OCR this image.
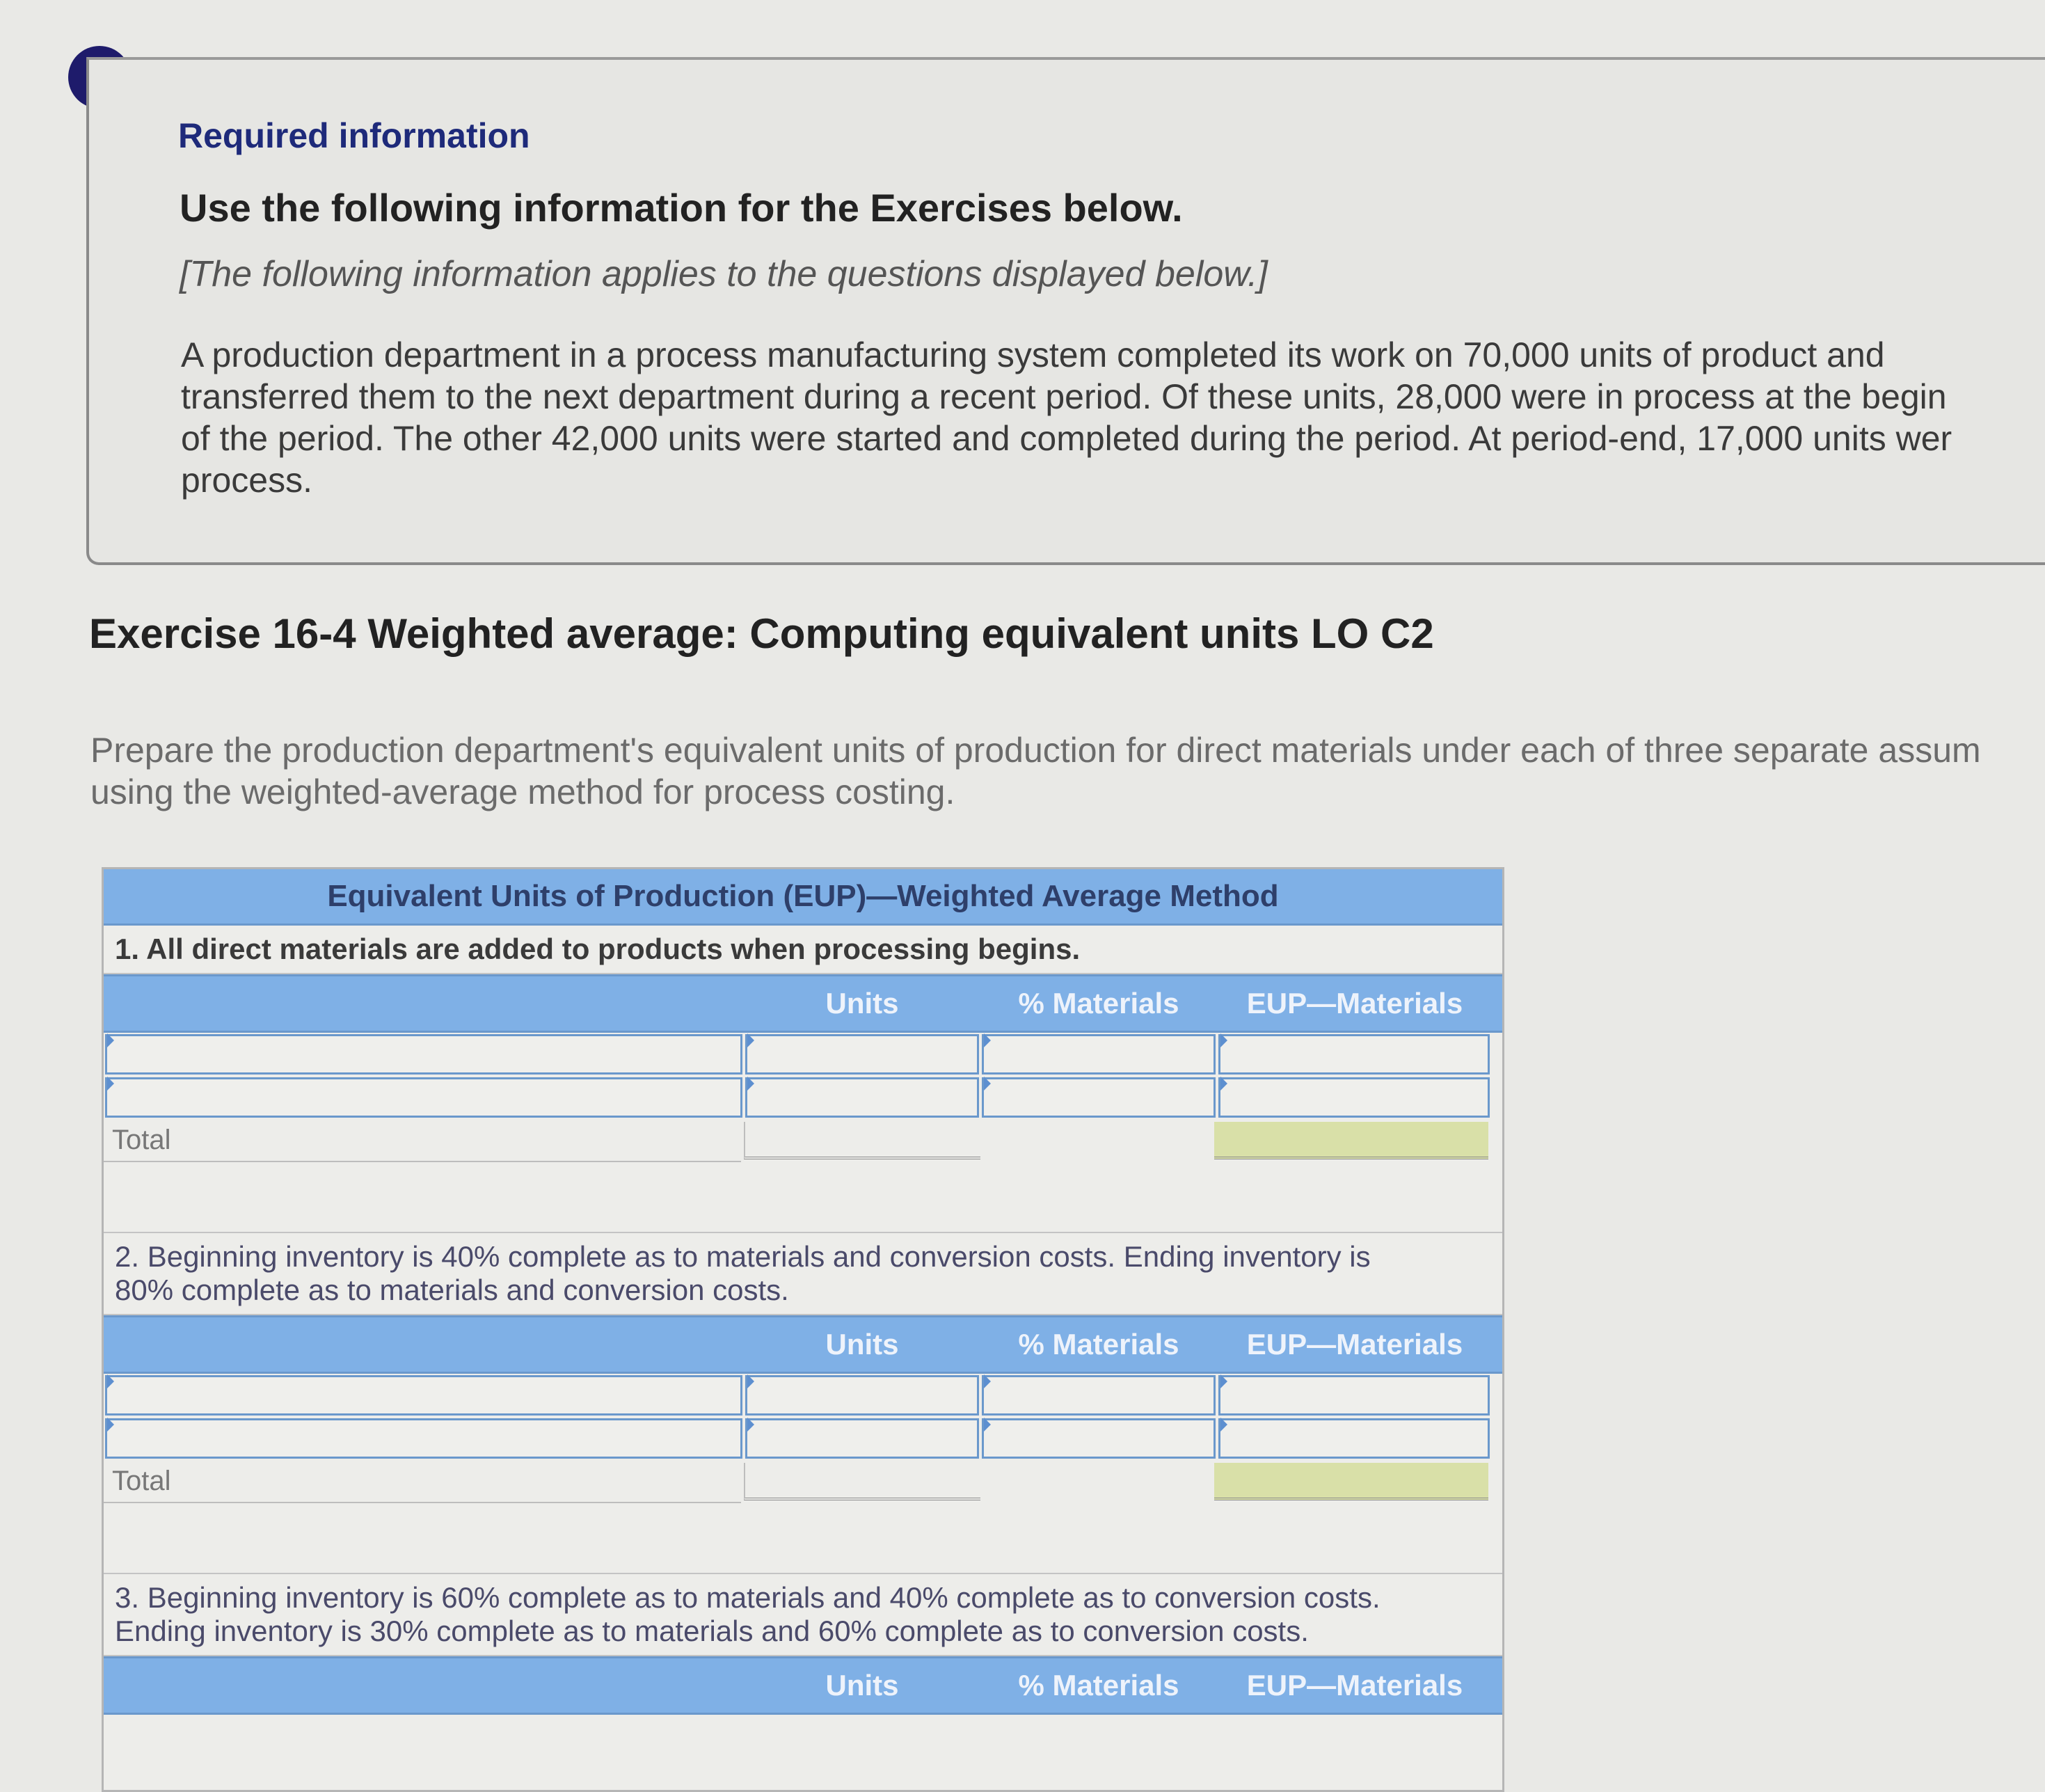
Required information
Use the following information for the Exercises below.
[The following information applies to the questions displayed below.]
A production department in a process manufacturing system completed its work on 70,000 units of product and
transferred them to the next department during a recent period. Of these units, 28,000 were in process at the begin
of the period. The other 42,000 units were started and completed during the period. At period-end, 17,000 units wer
process.
Exercise 16-4 Weighted average: Computing equivalent units LO C2
Prepare the production department's equivalent units of production for direct materials under each of three separate assum
using the weighted-average method for process costing.
Equivalent Units of Production (EUP)—Weighted Average Method
1. All direct materials are added to products when processing begins.
Units	% Materials	EUP—Materials
Total
2. Beginning inventory is 40% complete as to materials and conversion costs. Ending inventory is
80% complete as to materials and conversion costs.
Units	% Materials	EUP—Materials
Total
3. Beginning inventory is 60% complete as to materials and 40% complete as to conversion costs.
Ending inventory is 30% complete as to materials and 60% complete as to conversion costs.
Units	% Materials	EUP—Materials
